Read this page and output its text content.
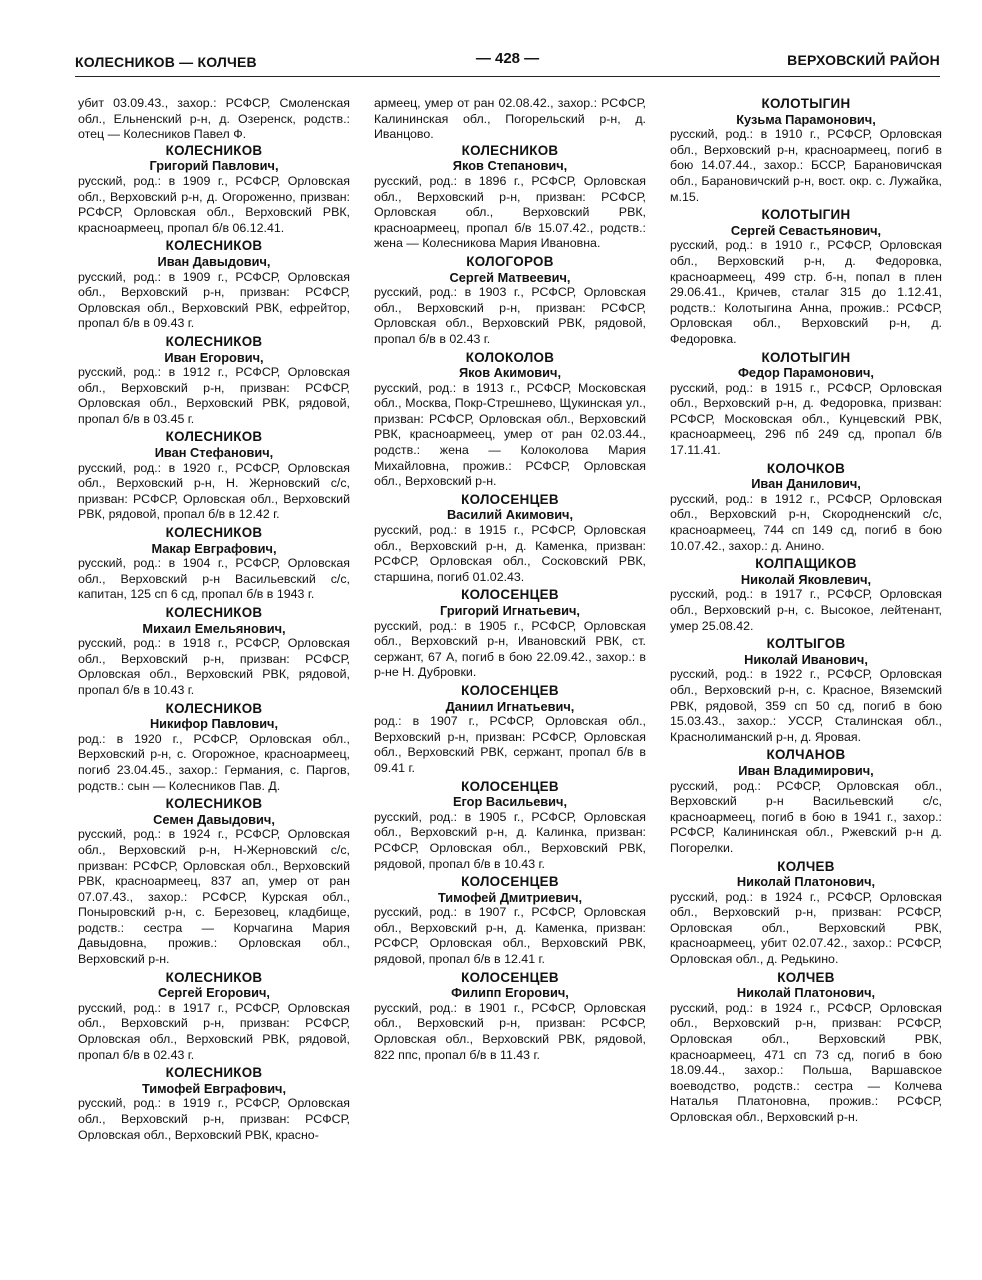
КОЛЕСНИКОВ — КОЛЧЕВ	— 428 —	ВЕРХОВСКИЙ РАЙОН
убит 03.09.43., захор.: РСФСР, Смоленская обл., Ельненский р-н, д. Озеренск, родств.: отец — Колесников Павел Ф.
КОЛЕСНИКОВ
Григорий Павлович,
русский, род.: в 1909 г., РСФСР, Орловская обл., Верховский р-н, д. Огороженно, призван: РСФСР, Орловская обл., Верховский РВК, красноармеец, пропал б/в 06.12.41.
КОЛЕСНИКОВ
Иван Давыдович,
русский, род.: в 1909 г., РСФСР, Орловская обл., Верховский р-н, призван: РСФСР, Орловская обл., Верховский РВК, ефрейтор, пропал б/в в 09.43 г.
КОЛЕСНИКОВ
Иван Егорович,
русский, род.: в 1912 г., РСФСР, Орловская обл., Верховский р-н, призван: РСФСР, Орловская обл., Верховский РВК, рядовой, пропал б/в в 03.45 г.
КОЛЕСНИКОВ
Иван Стефанович,
русский, род.: в 1920 г., РСФСР, Орловская обл., Верховский р-н, Н. Жерновский с/с, призван: РСФСР, Орловская обл., Верховский РВК, рядовой, пропал б/в в 12.42 г.
КОЛЕСНИКОВ
Макар Евграфович,
русский, род.: в 1904 г., РСФСР, Орловская обл., Верховский р-н Васильевский с/с, капитан, 125 сп 6 сд, пропал б/в в 1943 г.
КОЛЕСНИКОВ
Михаил Емельянович,
русский, род.: в 1918 г., РСФСР, Орловская обл., Верховский р-н, призван: РСФСР, Орловская обл., Верховский РВК, рядовой, пропал б/в в 10.43 г.
КОЛЕСНИКОВ
Никифор Павлович,
род.: в 1920 г., РСФСР, Орловская обл., Верховский р-н, с. Огорожное, красноармеец, погиб 23.04.45., захор.: Германия, с. Паргов, родств.: сын — Колесников Пав. Д.
КОЛЕСНИКОВ
Семен Давыдович,
русский, род.: в 1924 г., РСФСР, Орловская обл., Верховский р-н, Н-Жерновский с/с, призван: РСФСР, Орловская обл., Верховский РВК, красноармеец, 837 ап, умер от ран 07.07.43., захор.: РСФСР, Курская обл., Поныровский р-н, с. Березовец, кладбище, родств.: сестра — Корчагина Мария Давыдовна, прожив.: Орловская обл., Верховский р-н.
КОЛЕСНИКОВ
Сергей Егорович,
русский, род.: в 1917 г., РСФСР, Орловская обл., Верховский р-н, призван: РСФСР, Орловская обл., Верховский РВК, рядовой, пропал б/в в 02.43 г.
КОЛЕСНИКОВ
Тимофей Евграфович,
русский, род.: в 1919 г., РСФСР, Орловская обл., Верховский р-н, призван: РСФСР, Орловская обл., Верховский РВК, красно-
армеец, умер от ран 02.08.42., захор.: РСФСР, Калининская обл., Погорельский р-н, д. Иванцово.
КОЛЕСНИКОВ
Яков Степанович,
русский, род.: в 1896 г., РСФСР, Орловская обл., Верховский р-н, призван: РСФСР, Орловская обл., Верховский РВК, красноармеец, пропал б/в 15.07.42., родств.: жена — Колесникова Мария Ивановна.
КОЛОГОРОВ
Сергей Матвеевич,
русский, род.: в 1903 г., РСФСР, Орловская обл., Верховский р-н, призван: РСФСР, Орловская обл., Верховский РВК, рядовой, пропал б/в в 02.43 г.
КОЛОКОЛОВ
Яков Акимович,
русский, род.: в 1913 г., РСФСР, Московская обл., Москва, Покр-Стрешнево, Щукинская ул., призван: РСФСР, Орловская обл., Верховский РВК, красноармеец, умер от ран 02.03.44., родств.: жена — Колоколова Мария Михайловна, прожив.: РСФСР, Орловская обл., Верховский р-н.
КОЛОСЕНЦЕВ
Василий Акимович,
русский, род.: в 1915 г., РСФСР, Орловская обл., Верховский р-н, д. Каменка, призван: РСФСР, Орловская обл., Сосковский РВК, старшина, погиб 01.02.43.
КОЛОСЕНЦЕВ
Григорий Игнатьевич,
русский, род.: в 1905 г., РСФСР, Орловская обл., Верховский р-н, Ивановский РВК, ст. сержант, 67 А, погиб в бою 22.09.42., захор.: в р-не Н. Дубровки.
КОЛОСЕНЦЕВ
Даниил Игнатьевич,
род.: в 1907 г., РСФСР, Орловская обл., Верховский р-н, призван: РСФСР, Орловская обл., Верховский РВК, сержант, пропал б/в в 09.41 г.
КОЛОСЕНЦЕВ
Егор Васильевич,
русский, род.: в 1905 г., РСФСР, Орловская обл., Верховский р-н, д. Калинка, призван: РСФСР, Орловская обл., Верховский РВК, рядовой, пропал б/в в 10.43 г.
КОЛОСЕНЦЕВ
Тимофей Дмитриевич,
русский, род.: в 1907 г., РСФСР, Орловская обл., Верховский р-н, д. Каменка, призван: РСФСР, Орловская обл., Верховский РВК, рядовой, пропал б/в в 12.41 г.
КОЛОСЕНЦЕВ
Филипп Егорович,
русский, род.: в 1901 г., РСФСР, Орловская обл., Верховский р-н, призван: РСФСР, Орловская обл., Верховский РВК, рядовой, 822 ппс, пропал б/в в 11.43 г.
КОЛОТЫГИН
Кузьма Парамонович,
русский, род.: в 1910 г., РСФСР, Орловская обл., Верховский р-н, красноармеец, погиб в бою 14.07.44., захор.: БССР, Барановичская обл., Барановичский р-н, вост. окр. с. Лужайка, м.15.
КОЛОТЫГИН
Сергей Севастьянович,
русский, род.: в 1910 г., РСФСР, Орловская обл., Верховский р-н, д. Федоровка, красноармеец, 499 стр. б-н, попал в плен 29.06.41., Кричев, сталаг 315 до 1.12.41, родств.: Колотыгина Анна, прожив.: РСФСР, Орловская обл., Верховский р-н, д. Федоровка.
КОЛОТЫГИН
Федор Парамонович,
русский, род.: в 1915 г., РСФСР, Орловская обл., Верховский р-н, д. Федоровка, призван: РСФСР, Московская обл., Кунцевский РВК, красноармеец, 296 пб 249 сд, пропал б/в 17.11.41.
КОЛОЧКОВ
Иван Данилович,
русский, род.: в 1912 г., РСФСР, Орловская обл., Верховский р-н, Скородненский с/с, красноармеец, 744 сп 149 сд, погиб в бою 10.07.42., захор.: д. Анино.
КОЛПАЩИКОВ
Николай Яковлевич,
русский, род.: в 1917 г., РСФСР, Орловская обл., Верховский р-н, с. Высокое, лейтенант, умер 25.08.42.
КОЛТЫГОВ
Николай Иванович,
русский, род.: в 1922 г., РСФСР, Орловская обл., Верховский р-н, с. Красное, Вяземский РВК, рядовой, 359 сп 50 сд, погиб в бою 15.03.43., захор.: УССР, Сталинская обл., Краснолиманский р-н, д. Яровая.
КОЛЧАНОВ
Иван Владимирович,
русский, род.: РСФСР, Орловская обл., Верховский р-н Васильевский с/с, красноармеец, погиб в бою в 1941 г., захор.: РСФСР, Калининская обл., Ржевский р-н д. Погорелки.
КОЛЧЕВ
Николай Платонович,
русский, род.: в 1924 г., РСФСР, Орловская обл., Верховский р-н, призван: РСФСР, Орловская обл., Верховский РВК, красноармеец, убит 02.07.42., захор.: РСФСР, Орловская обл., д. Редькино.
КОЛЧЕВ
Николай Платонович,
русский, род.: в 1924 г., РСФСР, Орловская обл., Верховский р-н, призван: РСФСР, Орловская обл., Верховский РВК, красноармеец, 471 сп 73 сд, погиб в бою 18.09.44., захор.: Польша, Варшавское воеводство, родств.: сестра — Колчева Наталья Платоновна, прожив.: РСФСР, Орловская обл., Верховский р-н.
